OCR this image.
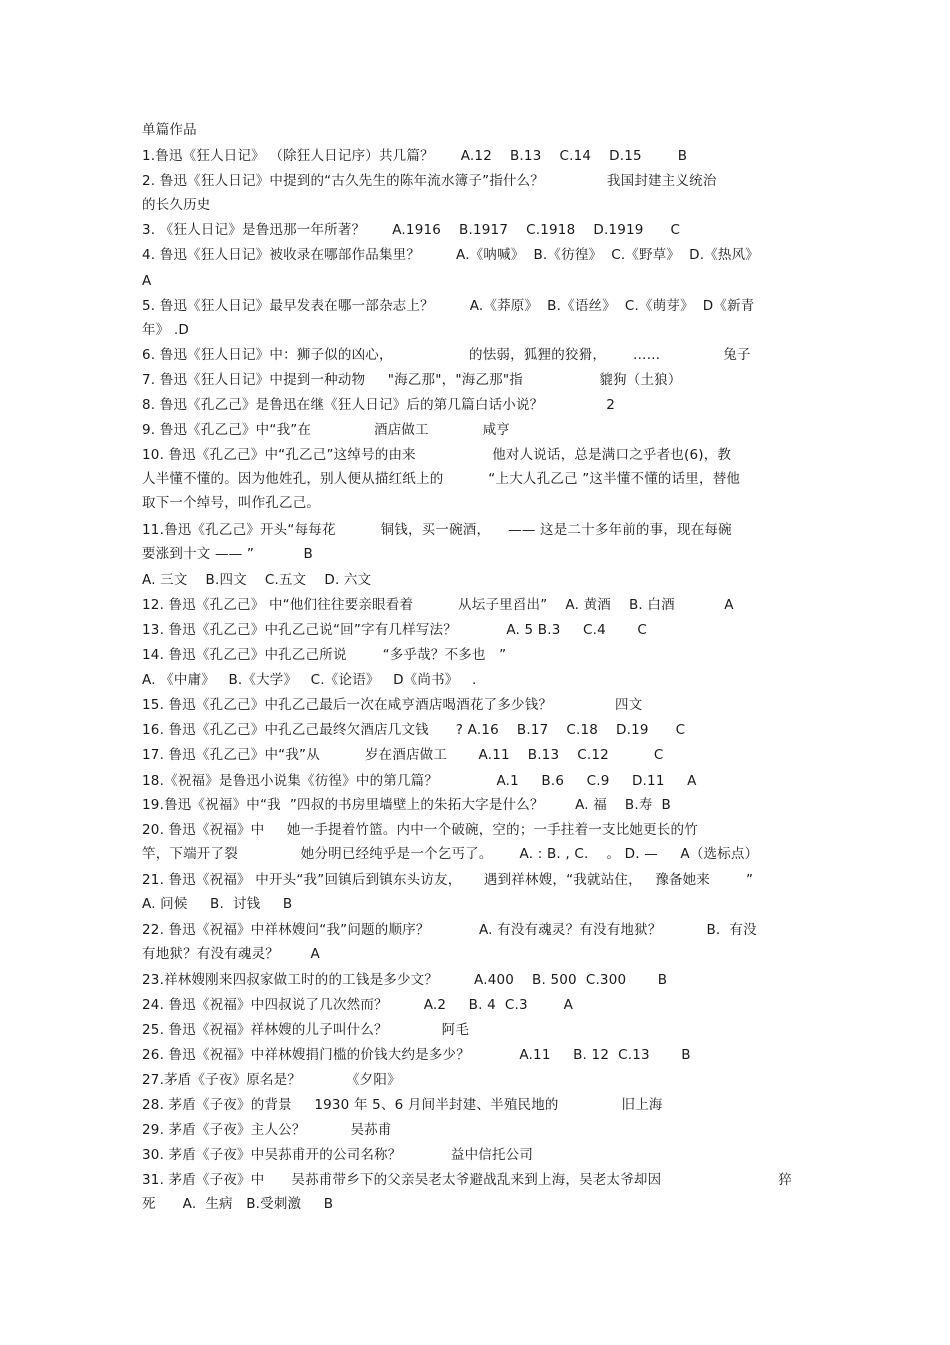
单篇作品
1.鲁迅《狂人日记》 （除狂人日记序）共几篇？      A.12    B.13    C.14    D.15        B
2. 鲁迅《狂人日记》中提到的“古久先生的陈年流水簿子”指什么？              我国封建主义统治
的长久历史
3. 《狂人日记》是鲁迅那一年所著？      A.1916    B.1917    C.1918    D.1919      C
4. 鲁迅《狂人日记》被收录在哪部作品集里？        A.《呐喊》  B.《彷徨》  C.《野草》  D.《热风》
A
5. 鲁迅《狂人日记》最早发表在哪一部杂志上？        A.《莽原》  B.《语丝》  C.《萌芽》  D《新青
年》 .D
6. 鲁迅《狂人日记》中：狮子似的凶心，                 的怯弱，狐狸的狡猾，      ……              兔子
7. 鲁迅《狂人日记》中提到一种动物     "海乙那"，"海乙那"指                 貔狗（土狼）
8. 鲁迅《孔乙己》是鲁迅在继《狂人日记》后的第几篇白话小说？              2
9. 鲁迅《孔乙己》中“我”在              酒店做工            咸亨
10. 鲁迅《孔乙己》中“孔乙己”这绰号的由来                 他对人说话，总是满口之乎者也(6)，教
人半懂不懂的。因为他姓孔，别人便从描红纸上的          “上大人孔乙己 ”这半懂不懂的话里，替他
取下一个绰号，叫作孔乙己。
11.鲁迅《孔乙己》开头“每每花          铜钱，买一碗酒，    —— 这是二十多年前的事，现在每碗
要涨到十文 —— ”           B
A. 三文    B.四文    C.五文    D. 六文
12. 鲁迅《孔乙己》 中“他们往往要亲眼看着          从坛子里舀出”    A. 黄酒    B. 白酒           A
13. 鲁迅《孔乙己》中孔乙己说“回”字有几样写法？           A. 5 B.3     C.4       C
14. 鲁迅《孔乙己》中孔乙己所说        “多乎哉？不多也   ”
A. 《中庸》   B.《大学》   C.《论语》   D《尚书》   .
15. 鲁迅《孔乙己》中孔乙己最后一次在咸亨酒店喝酒花了多少钱？              四文
16. 鲁迅《孔乙己》中孔乙己最终欠酒店几文钱      ? A.16    B.17    C.18    D.19      C
17. 鲁迅《孔乙己》中“我”从          岁在酒店做工       A.11    B.13    C.12          C
18.《祝福》是鲁迅小说集《彷徨》中的第几篇？             A.1     B.6     C.9     D.11     A
19.鲁迅《祝福》中“我  ”四叔的书房里墙壁上的朱拓大字是什么？       A. 福    B.寿  B
20. 鲁迅《祝福》中     她一手提着竹篮。内中一个破碗，空的；一手拄着一支比她更长的竹
竿，下端开了裂              她分明已经纯乎是一个乞丐了。      A. : B. , C.    。 D. —     A（选标点）
21. 鲁迅《祝福》 中开头“我”回镇后到镇东头访友，     遇到祥林嫂，“我就站住，   豫备她来        ”
A. 问候     B.  讨钱     B
22. 鲁迅《祝福》中祥林嫂问“我”问题的顺序？           A. 有没有魂灵？有没有地狱？          B.  有没
有地狱？有没有魂灵？       A
23.祥林嫂刚来四叔家做工时的的工钱是多少文？        A.400    B. 500  C.300       B
24. 鲁迅《祝福》中四叔说了几次然而？        A.2     B. 4  C.3        A
25. 鲁迅《祝福》祥林嫂的儿子叫什么？            阿毛
26. 鲁迅《祝福》中祥林嫂捐门槛的价钱大约是多少？           A.11     B. 12  C.13       B
27.茅盾《子夜》原名是？          《夕阳》
28. 茅盾《子夜》的背景     1930 年 5、6 月间半封建、半殖民地的              旧上海
29. 茅盾《子夜》主人公？          吴荪甫
30. 茅盾《子夜》中吴荪甫开的公司名称？           益中信托公司
31. 茅盾《子夜》中      吴荪甫带乡下的父亲吴老太爷避战乱来到上海，吴老太爷却因                          猝
死      A.  生病   B.受刺激     B
